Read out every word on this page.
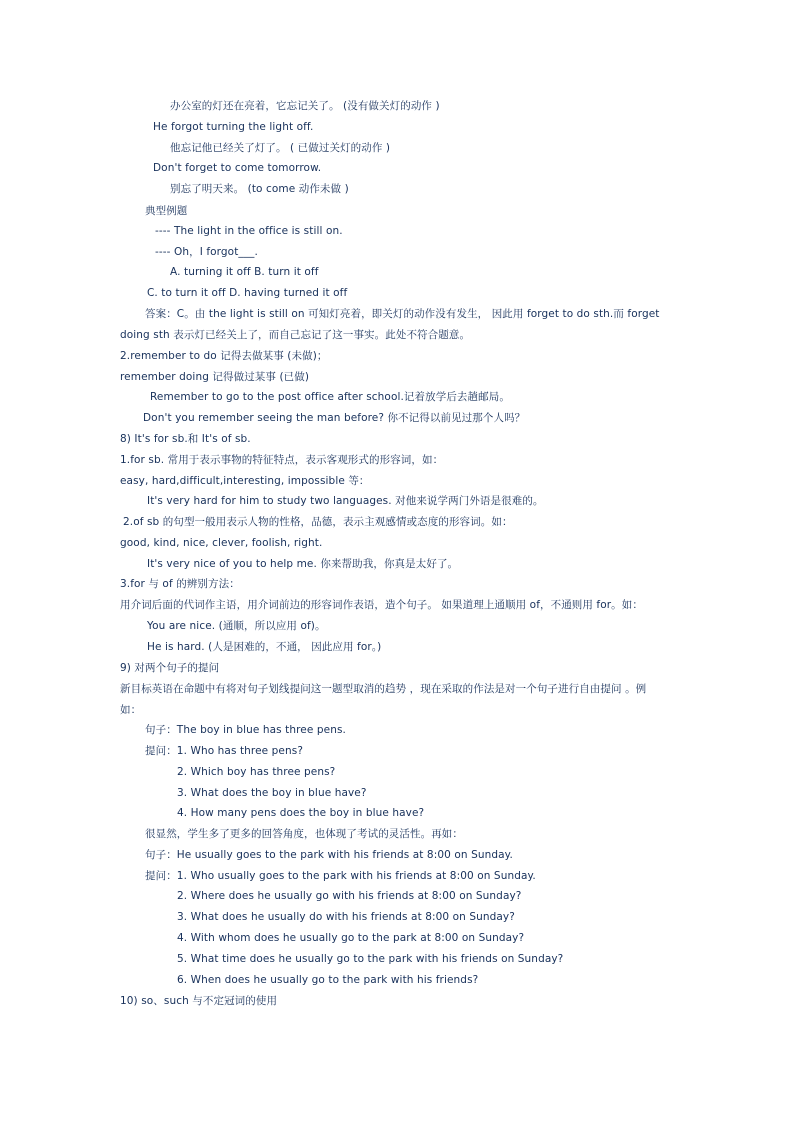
办公室的灯还在亮着，它忘记关了。 (没有做关灯的动作 )
He forgot turning the light off.
他忘记他已经关了灯了。 ( 已做过关灯的动作 )
Don't forget to come tomorrow.
别忘了明天来。 (to come 动作未做 )
典型例题
---- The light in the office is still on.
---- Oh，I forgot___.
A. turning it off B. turn it off
C. to turn it off D. having turned it off
答案：C。由 the light is still on 可知灯亮着，即关灯的动作没有发生， 因此用 forget to do sth.而 forget
doing sth 表示灯已经关上了，而自己忘记了这一事实。此处不符合题意。
2.remember to do 记得去做某事 (未做)；
remember doing 记得做过某事 (已做)
Remember to go to the post office after school.记着放学后去趟邮局。
Don't you remember seeing the man before? 你不记得以前见过那个人吗？
8) It's for sb.和 It's of sb.
1.for sb. 常用于表示事物的特征特点，表示客观形式的形容词，如：
easy, hard,difficult,interesting, impossible 等：
It's very hard for him to study two languages. 对他来说学两门外语是很难的。
2.of sb 的句型一般用表示人物的性格，品德，表示主观感情或态度的形容词。如：
good, kind, nice, clever, foolish, right.
It's very nice of you to help me. 你来帮助我，你真是太好了。
3.for 与 of 的辨别方法：
用介词后面的代词作主语，用介词前边的形容词作表语，造个句子。 如果道理上通顺用 of，不通则用 for。如：
You are nice. (通顺，所以应用 of)。
He is hard. (人是困难的，不通， 因此应用 for。)
9) 对两个句子的提问
新目标英语在命题中有将对句子划线提问这一题型取消的趋势 ，现在采取的作法是对一个句子进行自由提问 。例
如：
句子：The boy in blue has three pens.
提问：1. Who has three pens?
2. Which boy has three pens?
3. What does the boy in blue have?
4. How many pens does the boy in blue have?
很显然，学生多了更多的回答角度，也体现了考试的灵活性。再如：
句子：He usually goes to the park with his friends at 8:00 on Sunday.
提问：1. Who usually goes to the park with his friends at 8:00 on Sunday.
2. Where does he usually go with his friends at 8:00 on Sunday?
3. What does he usually do with his friends at 8:00 on Sunday?
4. With whom does he usually go to the park at 8:00 on Sunday?
5. What time does he usually go to the park with his friends on Sunday?
6. When does he usually go to the park with his friends?
10) so、such 与不定冠词的使用
